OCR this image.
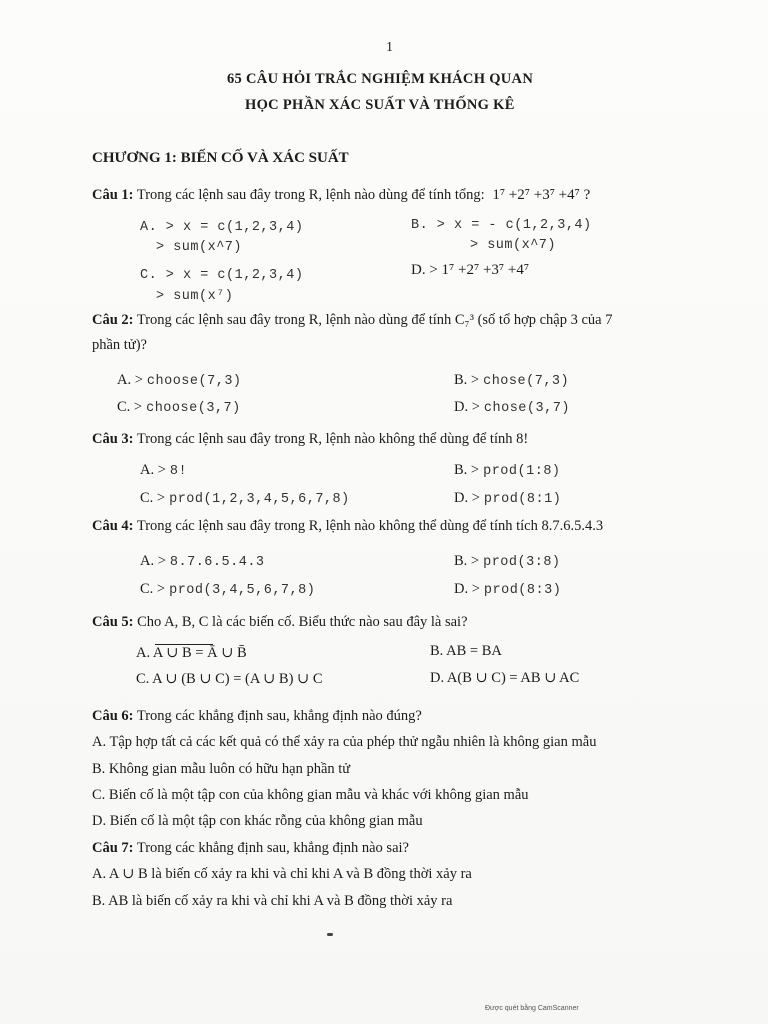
1
65 CÂU HỎI TRẮC NGHIỆM KHÁCH QUAN
HỌC PHẦN XÁC SUẤT VÀ THỐNG KÊ
CHƯƠNG 1: BIẾN CỐ VÀ XÁC SUẤT
Câu 1: Trong các lệnh sau đây trong R, lệnh nào dùng để tính tổng: 1⁷ +2⁷ +3⁷ +4⁷ ?
A. > x = c(1,2,3,4)
> sum(x^7)
B. > x = - c(1,2,3,4)
> sum(x^7)
C. > x = c(1,2,3,4)
> sum(x⁷)
D. > 1⁷ +2⁷ +3⁷ +4⁷
Câu 2: Trong các lệnh sau đây trong R, lệnh nào dùng để tính C₇³ (số tổ hợp chập 3 của 7
phần tử)?
A. > choose(7,3)	B. > chose(7,3)
C. > choose(3,7)	D. > chose(3,7)
Câu 3: Trong các lệnh sau đây trong R, lệnh nào không thể dùng để tính 8!
A. > 8!	B. > prod(1:8)
C. > prod(1,2,3,4,5,6,7,8)	D. > prod(8:1)
Câu 4: Trong các lệnh sau đây trong R, lệnh nào không thể dùng để tính tích 8.7.6.5.4.3
A. > 8.7.6.5.4.3	B. > prod(3:8)
C. > prod(3,4,5,6,7,8)	D. > prod(8:3)
Câu 5: Cho A, B, C là các biến cố. Biểu thức nào sau đây là sai?
A. A ∪ B = Ā ∪ B̄	B. AB = BA
C. A ∪ (B ∪ C) = (A ∪ B) ∪ C	D. A(B ∪ C) = AB ∪ AC
Câu 6: Trong các khẳng định sau, khẳng định nào đúng?
A. Tập hợp tất cả các kết quả có thể xảy ra của phép thử ngẫu nhiên là không gian mẫu
B. Không gian mẫu luôn có hữu hạn phần tử
C. Biến cố là một tập con của không gian mẫu và khác với không gian mẫu
D. Biến cố là một tập con khác rỗng của không gian mẫu
Câu 7: Trong các khẳng định sau, khẳng định nào sai?
A. A ∪ B là biến cố xảy ra khi và chỉ khi A và B đồng thời xảy ra
B. AB là biến cố xảy ra khi và chỉ khi A và B đồng thời xảy ra
Được quét bằng CamScanner
